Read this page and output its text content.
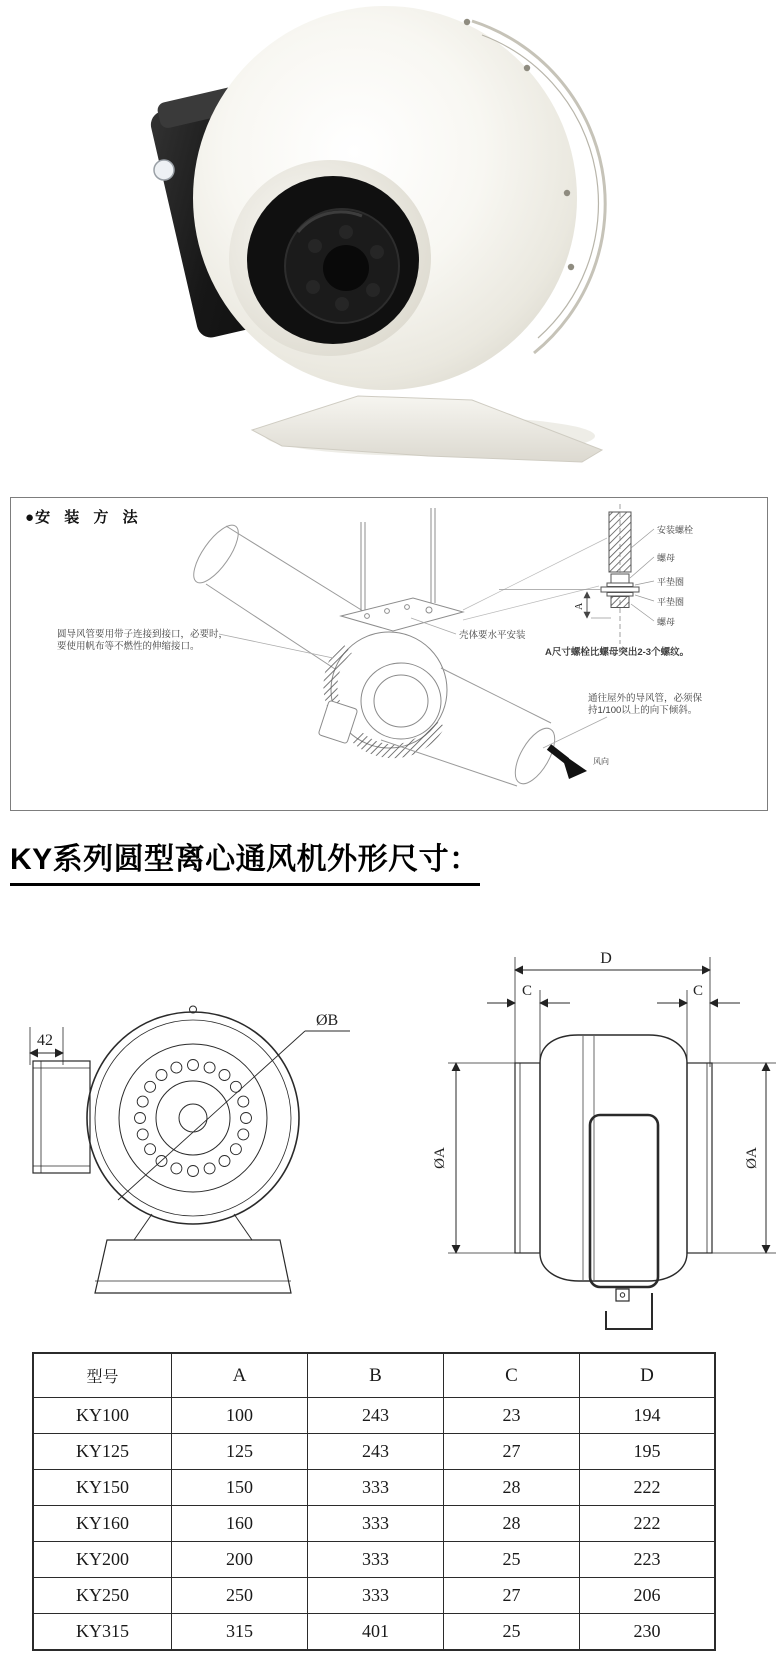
●安 装 方 法
风向
圆导风管要用带子连接到接口，必要时，
要使用帆布等不燃性的伸缩接口。
壳体要水平安装
A
安装螺栓
螺母
平垫圈
平垫圈
螺母
A尺寸螺栓比螺母突出2-3个螺纹。
通往屋外的导风管，必须保
持1/100以上的向下倾斜。
KY系列圆型离心通风机外形尺寸：
42
ØB
D
C	C
ØA	ØA
型号	A	B	C	D
KY100	100	243	23	194
KY125	125	243	27	195
KY150	150	333	28	222
KY160	160	333	28	222
KY200	200	333	25	223
KY250	250	333	27	206
KY315	315	401	25	230
